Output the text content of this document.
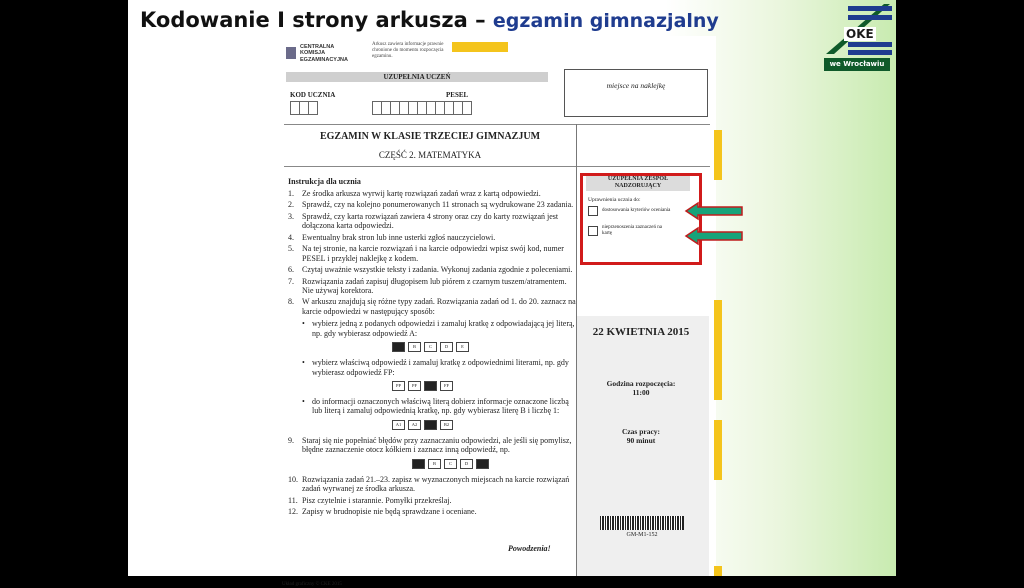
Kodowanie I strony arkusza – egzamin gimnazjalny
OKE
we Wrocławiu
CENTRALNA KOMISJA EGZAMINACYJNA
Arkusz zawiera informacje prawnie chronione do momentu rozpoczęcia egzaminu.
UZUPEŁNIA UCZEŃ
miejsce na naklejkę
KOD UCZNIA	PESEL
EGZAMIN W KLASIE TRZECIEJ GIMNAZJUM
CZĘŚĆ 2. MATEMATYKA
UZUPEŁNIA ZESPÓŁ NADZORUJĄCY
Uprawnienia ucznia do:
dostosowania kryteriów oceniania
nieprzenoszenia zaznaczeń na kartę
22 KWIETNIA 2015
Godzina rozpoczęcia:
11:00
Czas pracy:
90 minut
GM-M1-152
Instrukcja dla ucznia
1.	Ze środka arkusza wyrwij kartę rozwiązań zadań wraz z kartą odpowiedzi.
2.	Sprawdź, czy na kolejno ponumerowanych 11 stronach są wydrukowane 23 zadania.
3.	Sprawdź, czy karta rozwiązań zawiera 4 strony oraz czy do karty rozwiązań jest dołączona karta odpowiedzi.
4.	Ewentualny brak stron lub inne usterki zgłoś nauczycielowi.
5.	Na tej stronie, na karcie rozwiązań i na karcie odpowiedzi wpisz swój kod, numer PESEL i przyklej naklejkę z kodem.
6.	Czytaj uważnie wszystkie teksty i zadania. Wykonuj zadania zgodnie z poleceniami.
7.	Rozwiązania zadań zapisuj długopisem lub piórem z czarnym tuszem/atramentem. Nie używaj korektora.
8.	W arkuszu znajdują się różne typy zadań. Rozwiązania zadań od 1. do 20. zaznacz na karcie odpowiedzi w następujący sposób:
• wybierz jedną z podanych odpowiedzi i zamaluj kratkę z odpowiadającą jej literą, np. gdy wybierasz odpowiedź A:
B	C	D	E
• wybierz właściwą odpowiedź i zamaluj kratkę z odpowiednimi literami, np. gdy wybierasz odpowiedź FP:
PP	PF	FF
• do informacji oznaczonych właściwą literą dobierz informacje oznaczone liczbą lub literą i zamaluj odpowiednią kratkę, np. gdy wybierasz literę B i liczbę 1:
A1	A2	B2
9.	Staraj się nie popełniać błędów przy zaznaczaniu odpowiedzi, ale jeśli się pomylisz, błędne zaznaczenie otocz kółkiem i zaznacz inną odpowiedź, np.
B	C	D
10. Rozwiązania zadań 21.–23. zapisz w wyznaczonych miejscach na karcie rozwiązań zadań wyrwanej ze środka arkusza.
11. Pisz czytelnie i starannie. Pomyłki przekreślaj.
12. Zapisy w brudnopisie nie będą sprawdzane i oceniane.
Powodzenia!
Układ graficzny © CKE 2015
